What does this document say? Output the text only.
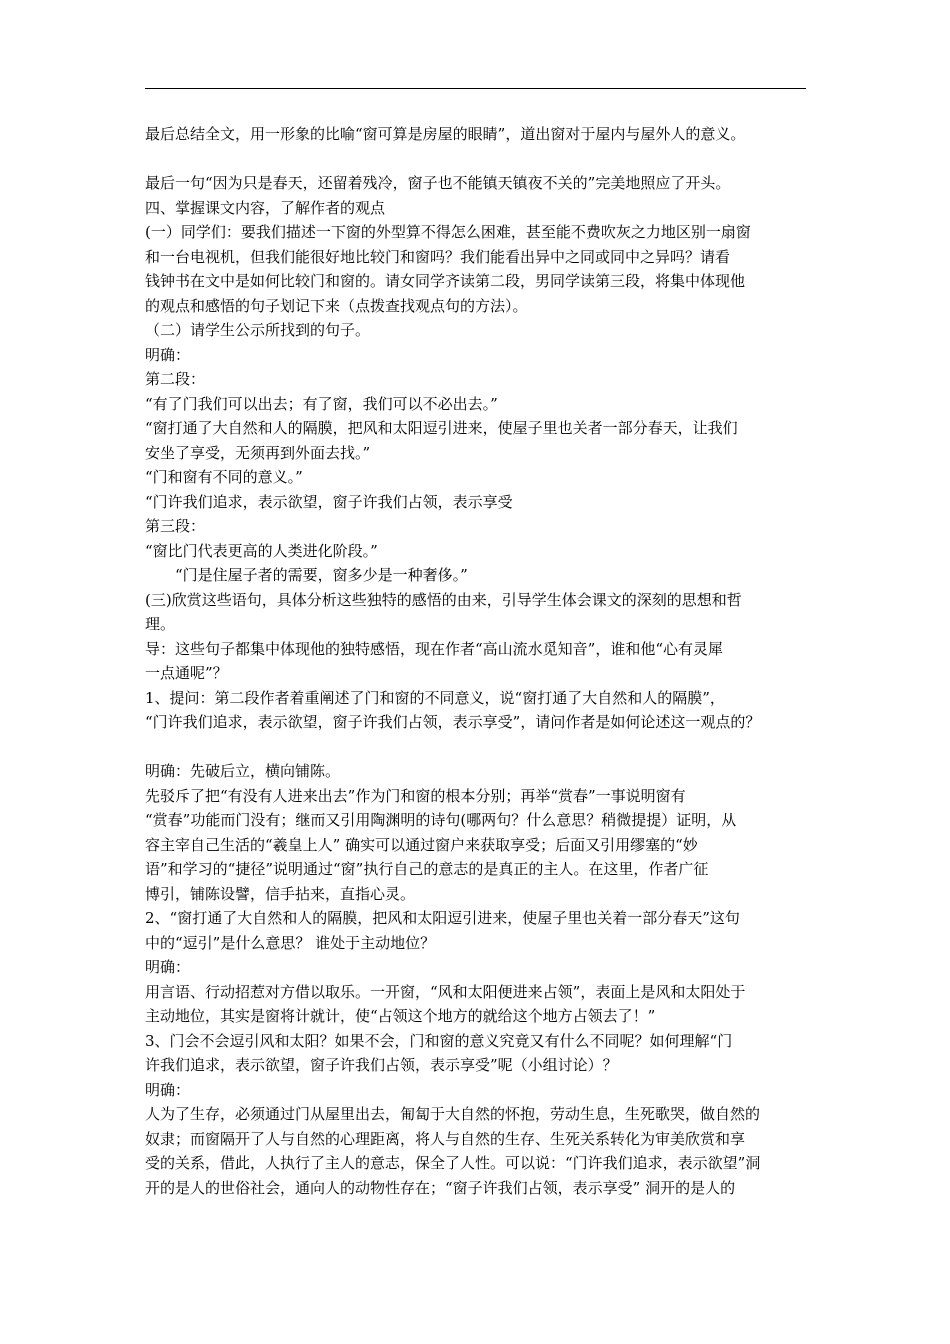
最后总结全文，用一形象的比喻“窗可算是房屋的眼睛”，道出窗对于屋内与屋外人的意义。
最后一句“因为只是春天，还留着残冷，窗子也不能镇天镇夜不关的”完美地照应了开头。
四、掌握课文内容，了解作者的观点
(一）同学们：要我们描述一下窗的外型算不得怎么困难，甚至能不费吹灰之力地区别一扇窗
和一台电视机，但我们能很好地比较门和窗吗？我们能看出异中之同或同中之异吗？请看
钱钟书在文中是如何比较门和窗的。请女同学齐读第二段，男同学读第三段，将集中体现他
的观点和感悟的句子划记下来（点拨查找观点句的方法）。
（二）请学生公示所找到的句子。
明确：
第二段：
“有了门我们可以出去；有了窗，我们可以不必出去。”
“窗打通了大自然和人的隔膜，把风和太阳逗引进来，使屋子里也关者一部分春天，让我们
安坐了享受，无须再到外面去找。”
“门和窗有不同的意义。”
“门许我们追求，表示欲望，窗子许我们占领，表示享受
第三段：
“窗比门代表更高的人类进化阶段。”
“门是住屋子者的需要，窗多少是一种奢侈。”
(三)欣赏这些语句，具体分析这些独特的感悟的由来，引导学生体会课文的深刻的思想和哲
理。
导：这些句子都集中体现他的独特感悟，现在作者“高山流水觅知音”，谁和他“心有灵犀
一点通呢”？
1、提问：第二段作者着重阐述了门和窗的不同意义，说“窗打通了大自然和人的隔膜”，
“门许我们追求，表示欲望，窗子许我们占领，表示享受”，请问作者是如何论述这一观点的？
明确：先破后立，横向铺陈。
先驳斥了把“有没有人进来出去”作为门和窗的根本分别；再举“赏春”一事说明窗有
“赏春”功能而门没有；继而又引用陶渊明的诗句(哪两句？什么意思？稍微提提）证明，从
容主宰自己生活的“羲皇上人” 确实可以通过窗户来获取享受；后面又引用缪塞的“妙
语”和学习的“捷径”说明通过“窗”执行自己的意志的是真正的主人。在这里，作者广征
博引，铺陈设譬，信手拈来，直指心灵。
2、“窗打通了大自然和人的隔膜，把风和太阳逗引进来，使屋子里也关着一部分春天”这句
中的“逗引”是什么意思？ 谁处于主动地位？
明确：
用言语、行动招惹对方借以取乐。一开窗，“风和太阳便进来占领”，表面上是风和太阳处于
主动地位，其实是窗将计就计，使“占领这个地方的就给这个地方占领去了！”
3、门会不会逗引风和太阳？如果不会，门和窗的意义究竟又有什么不同呢？如何理解“门
许我们追求，表示欲望，窗子许我们占领，表示享受”呢（小组讨论）？
明确：
人为了生存，必须通过门从屋里出去，匍匐于大自然的怀抱，劳动生息，生死歌哭，做自然的
奴隶；而窗隔开了人与自然的心理距离，将人与自然的生存、生死关系转化为审美欣赏和享
受的关系，借此，人执行了主人的意志，保全了人性。可以说：“门许我们追求，表示欲望”洞
开的是人的世俗社会，通向人的动物性存在；“窗子许我们占领，表示享受” 洞开的是人的
